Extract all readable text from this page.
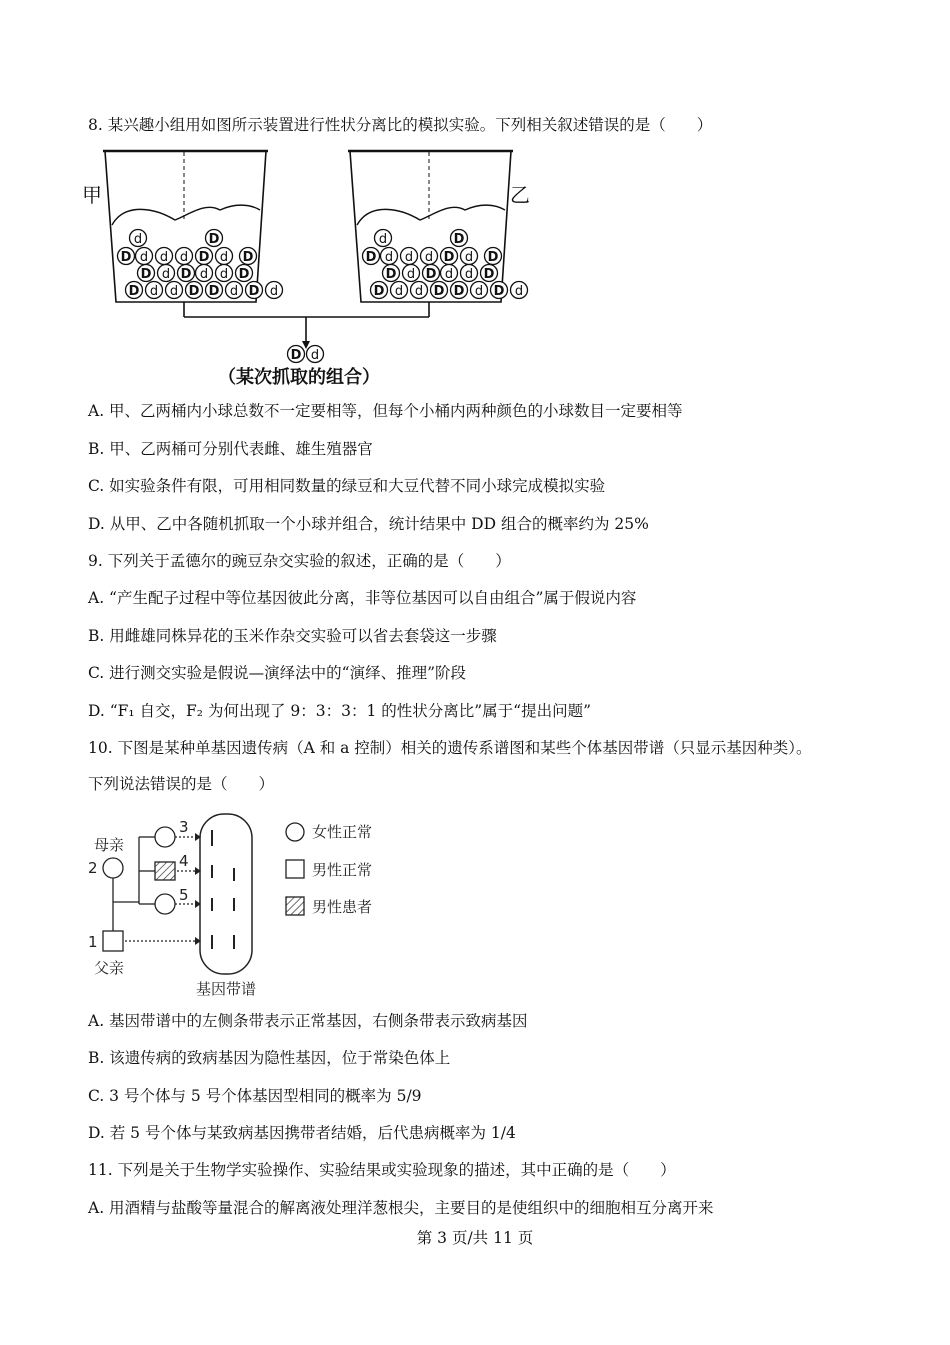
8. 某兴趣小组用如图所示装置进行性状分离比的模拟实验。下列相关叙述错误的是（　　）
甲	乙
d	D
D d d d D d D
D d D d d D
D d d D D d D d
d	D
D d d d D d D
D d D d d D
D d d D D d D d
D d
（某次抓取的组合）
A. 甲、乙两桶内小球总数不一定要相等，但每个小桶内两种颜色的小球数目一定要相等
B. 甲、乙两桶可分别代表雌、雄生殖器官
C. 如实验条件有限，可用相同数量的绿豆和大豆代替不同小球完成模拟实验
D. 从甲、乙中各随机抓取一个小球并组合，统计结果中 DD 组合的概率约为 25%
9. 下列关于孟德尔的豌豆杂交实验的叙述，正确的是（　　）
A. “产生配子过程中等位基因彼此分离，非等位基因可以自由组合”属于假说内容
B. 用雌雄同株异花的玉米作杂交实验可以省去套袋这一步骤
C. 进行测交实验是假说—演绎法中的“演绎、推理”阶段
D. “F₁ 自交，F₂ 为何出现了 9：3：3：1 的性状分离比”属于“提出问题”
10. 下图是某种单基因遗传病（A 和 a 控制）相关的遗传系谱图和某些个体基因带谱（只显示基因种类）。
下列说法错误的是（　　）
母亲
2
1
父亲
3
4
5
基因带谱
女性正常
男性正常
男性患者
A. 基因带谱中的左侧条带表示正常基因，右侧条带表示致病基因
B. 该遗传病的致病基因为隐性基因，位于常染色体上
C. 3 号个体与 5 号个体基因型相同的概率为 5/9
D. 若 5 号个体与某致病基因携带者结婚，后代患病概率为 1/4
11. 下列是关于生物学实验操作、实验结果或实验现象的描述，其中正确的是（　　）
A. 用酒精与盐酸等量混合的解离液处理洋葱根尖，主要目的是使组织中的细胞相互分离开来
第 3 页/共 11 页
